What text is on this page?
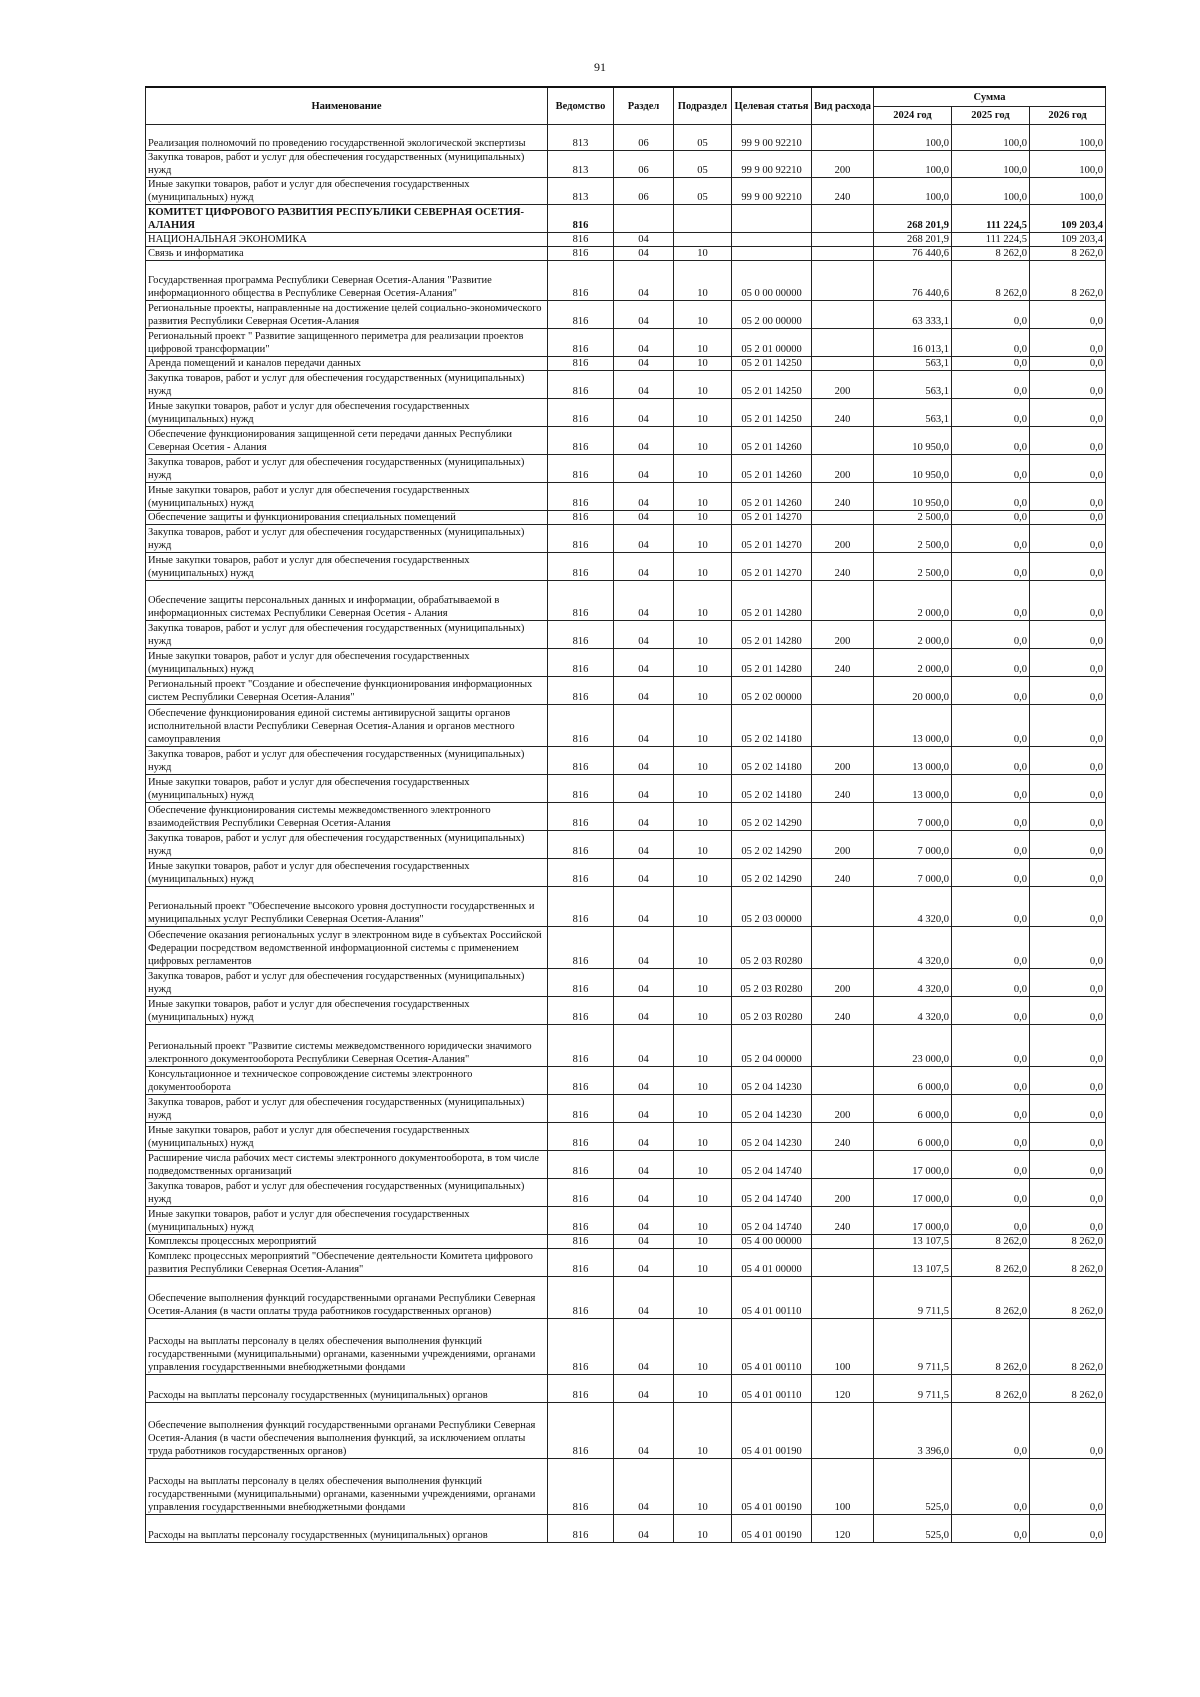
91
Наименование	Ведомство	Раздел	Подраздел	Целевая статья	Вид расхода	Сумма		
						2024 год	2025 год	2026 год
Реализация полномочий по проведению государственной экологической экспертизы	813	06	05	99 9 00 92210		100,0	100,0	100,0
Закупка товаров, работ и услуг для обеспечения государственных (муниципальных) нужд	813	06	05	99 9 00 92210	200	100,0	100,0	100,0
Иные закупки товаров, работ и услуг для обеспечения государственных (муниципальных) нужд	813	06	05	99 9 00 92210	240	100,0	100,0	100,0
КОМИТЕТ ЦИФРОВОГО РАЗВИТИЯ РЕСПУБЛИКИ СЕВЕРНАЯ ОСЕТИЯ-АЛАНИЯ	816					268 201,9	111 224,5	109 203,4
НАЦИОНАЛЬНАЯ ЭКОНОМИКА	816	04				268 201,9	111 224,5	109 203,4
Связь и информатика	816	04	10			76 440,6	8 262,0	8 262,0
Государственная программа Республики Северная Осетия-Алания "Развитие информационного общества в Республике Северная Осетия-Алания"	816	04	10	05 0 00 00000		76 440,6	8 262,0	8 262,0
Региональные проекты, направленные на достижение целей социально-экономического развития Республики Северная Осетия-Алания	816	04	10	05 2 00 00000		63 333,1	0,0	0,0
Региональный проект " Развитие защищенного периметра для реализации проектов цифровой трансформации"	816	04	10	05 2 01 00000		16 013,1	0,0	0,0
Аренда помещений и каналов передачи данных	816	04	10	05 2 01 14250		563,1	0,0	0,0
Закупка товаров, работ и услуг для обеспечения государственных (муниципальных) нужд	816	04	10	05 2 01 14250	200	563,1	0,0	0,0
Иные закупки товаров, работ и услуг для обеспечения государственных (муниципальных) нужд	816	04	10	05 2 01 14250	240	563,1	0,0	0,0
Обеспечение функционирования защищенной сети передачи данных Республики Северная Осетия - Алания	816	04	10	05 2 01 14260		10 950,0	0,0	0,0
Закупка товаров, работ и услуг для обеспечения государственных (муниципальных) нужд	816	04	10	05 2 01 14260	200	10 950,0	0,0	0,0
Иные закупки товаров, работ и услуг для обеспечения государственных (муниципальных) нужд	816	04	10	05 2 01 14260	240	10 950,0	0,0	0,0
Обеспечение защиты и функционирования специальных помещений	816	04	10	05 2 01 14270		2 500,0	0,0	0,0
Закупка товаров, работ и услуг для обеспечения государственных (муниципальных) нужд	816	04	10	05 2 01 14270	200	2 500,0	0,0	0,0
Иные закупки товаров, работ и услуг для обеспечения государственных (муниципальных) нужд	816	04	10	05 2 01 14270	240	2 500,0	0,0	0,0
Обеспечение защиты персональных данных и информации, обрабатываемой в информационных системах Республики Северная Осетия - Алания	816	04	10	05 2 01 14280		2 000,0	0,0	0,0
Закупка товаров, работ и услуг для обеспечения государственных (муниципальных) нужд	816	04	10	05 2 01 14280	200	2 000,0	0,0	0,0
Иные закупки товаров, работ и услуг для обеспечения государственных (муниципальных) нужд	816	04	10	05 2 01 14280	240	2 000,0	0,0	0,0
Региональный проект "Создание и обеспечение функционирования информационных систем Республики Северная Осетия-Алания"	816	04	10	05 2 02 00000		20 000,0	0,0	0,0
Обеспечение функционирования единой системы антивирусной защиты органов исполнительной власти Республики Северная Осетия-Алания и органов местного самоуправления	816	04	10	05 2 02 14180		13 000,0	0,0	0,0
Закупка товаров, работ и услуг для обеспечения государственных (муниципальных) нужд	816	04	10	05 2 02 14180	200	13 000,0	0,0	0,0
Иные закупки товаров, работ и услуг для обеспечения государственных (муниципальных) нужд	816	04	10	05 2 02 14180	240	13 000,0	0,0	0,0
Обеспечение функционирования системы межведомственного электронного взаимодействия Республики Северная Осетия-Алания	816	04	10	05 2 02 14290		7 000,0	0,0	0,0
Закупка товаров, работ и услуг для обеспечения государственных (муниципальных) нужд	816	04	10	05 2 02 14290	200	7 000,0	0,0	0,0
Иные закупки товаров, работ и услуг для обеспечения государственных (муниципальных) нужд	816	04	10	05 2 02 14290	240	7 000,0	0,0	0,0
Региональный проект "Обеспечение высокого уровня доступности государственных и муниципальных услуг Республики Северная Осетия-Алания"	816	04	10	05 2 03 00000		4 320,0	0,0	0,0
Обеспечение оказания региональных услуг в электронном виде в субъектах Российской Федерации посредством ведомственной информационной системы с применением цифровых регламентов	816	04	10	05 2 03 R0280		4 320,0	0,0	0,0
Закупка товаров, работ и услуг для обеспечения государственных (муниципальных) нужд	816	04	10	05 2 03 R0280	200	4 320,0	0,0	0,0
Иные закупки товаров, работ и услуг для обеспечения государственных (муниципальных) нужд	816	04	10	05 2 03 R0280	240	4 320,0	0,0	0,0
Региональный проект "Развитие системы межведомственного юридически значимого электронного документооборота Республики Северная Осетия-Алания"	816	04	10	05 2 04 00000		23 000,0	0,0	0,0
Консультационное и техническое сопровождение системы электронного документооборота	816	04	10	05 2 04 14230		6 000,0	0,0	0,0
Закупка товаров, работ и услуг для обеспечения государственных (муниципальных) нужд	816	04	10	05 2 04 14230	200	6 000,0	0,0	0,0
Иные закупки товаров, работ и услуг для обеспечения государственных (муниципальных) нужд	816	04	10	05 2 04 14230	240	6 000,0	0,0	0,0
Расширение числа рабочих мест системы электронного документооборота, в том числе подведомственных организаций	816	04	10	05 2 04 14740		17 000,0	0,0	0,0
Закупка товаров, работ и услуг для обеспечения государственных (муниципальных) нужд	816	04	10	05 2 04 14740	200	17 000,0	0,0	0,0
Иные закупки товаров, работ и услуг для обеспечения государственных (муниципальных) нужд	816	04	10	05 2 04 14740	240	17 000,0	0,0	0,0
Комплексы процессных мероприятий	816	04	10	05 4 00 00000		13 107,5	8 262,0	8 262,0
Комплекс процессных мероприятий "Обеспечение деятельности Комитета цифрового развития Республики Северная Осетия-Алания"	816	04	10	05 4 01 00000		13 107,5	8 262,0	8 262,0
Обеспечение выполнения функций государственными органами Республики Северная Осетия-Алания (в части оплаты труда работников государственных органов)	816	04	10	05 4 01 00110		9 711,5	8 262,0	8 262,0
Расходы на выплаты персоналу в целях обеспечения выполнения функций государственными (муниципальными) органами, казенными учреждениями, органами управления государственными внебюджетными фондами	816	04	10	05 4 01 00110	100	9 711,5	8 262,0	8 262,0
Расходы на выплаты персоналу государственных (муниципальных) органов	816	04	10	05 4 01 00110	120	9 711,5	8 262,0	8 262,0
Обеспечение выполнения функций государственными органами Республики Северная Осетия-Алания (в части обеспечения выполнения функций, за исключением оплаты труда работников государственных органов)	816	04	10	05 4 01 00190		3 396,0	0,0	0,0
Расходы на выплаты персоналу в целях обеспечения выполнения функций государственными (муниципальными) органами, казенными учреждениями, органами управления государственными внебюджетными фондами	816	04	10	05 4 01 00190	100	525,0	0,0	0,0
Расходы на выплаты персоналу государственных (муниципальных) органов	816	04	10	05 4 01 00190	120	525,0	0,0	0,0
